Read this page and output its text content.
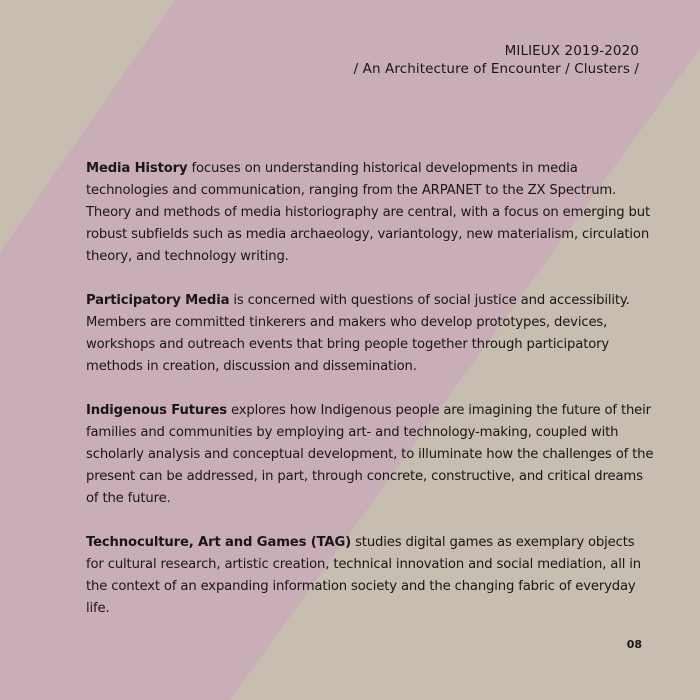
MILIEUX 2019-2020
/ An Architecture of Encounter / Clusters /

Media History focuses on understanding historical developments in media technologies and communication, ranging from the ARPANET to the ZX Spectrum. Theory and methods of media historiography are central, with a focus on emerging but robust subfields such as media archaeology, variantology, new materialism, circulation theory, and technology writing.

Participatory Media is concerned with questions of social justice and accessibility. Members are committed tinkerers and makers who develop prototypes, devices, workshops and outreach events that bring people together through participatory methods in creation, discussion and dissemination.

Indigenous Futures explores how Indigenous people are imagining the future of their families and communities by employing art- and technology-making, coupled with scholarly analysis and conceptual development, to illuminate how the challenges of the present can be addressed, in part, through concrete, constructive, and critical dreams of the future.

Technoculture, Art and Games (TAG) studies digital games as exemplary objects for cultural research, artistic creation, technical innovation and social mediation, all in the context of an expanding information society and the changing fabric of everyday life.

08
